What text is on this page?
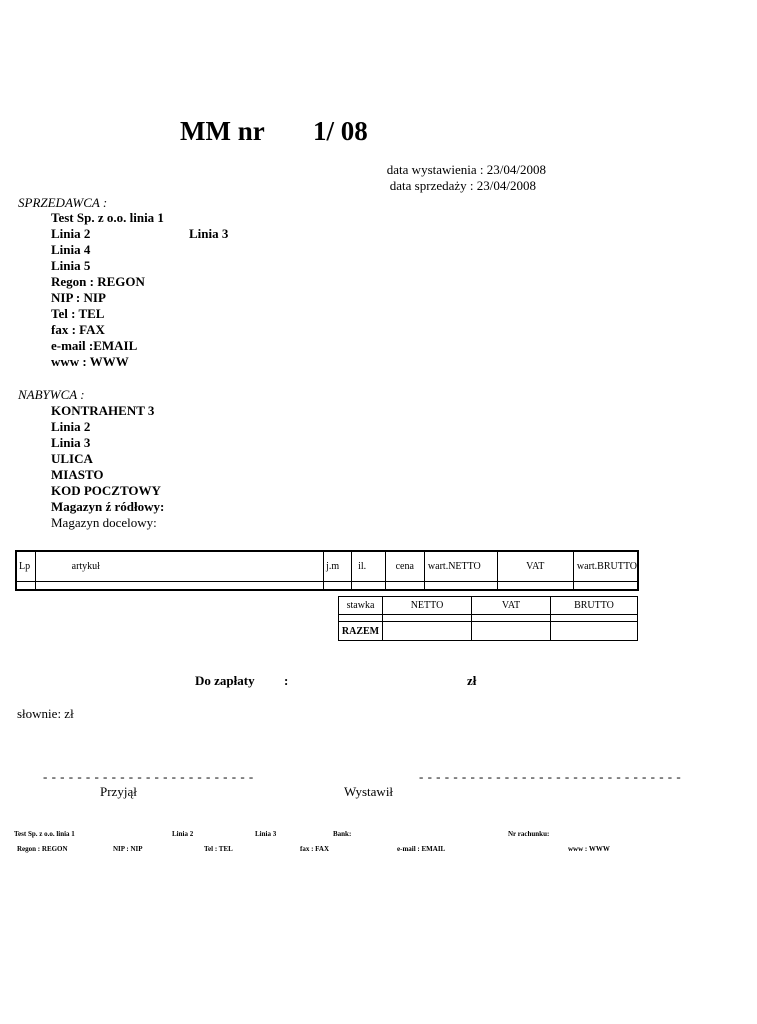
MM nr 1/ 08
data wystawienia : 23/04/2008
data sprzedaży : 23/04/2008
SPRZEDAWCA :
Test Sp. z o.o. linia 1
Linia 2	Linia 3
Linia 4
Linia 5
Regon : REGON
NIP : NIP
Tel : TEL
fax : FAX
e-mail :EMAIL
www : WWW
NABYWCA :
KONTRAHENT 3
Linia 2
Linia 3
ULICA
MIASTO
KOD POCZTOWY
Magazyn ź ródłowy:
Magazyn docelowy:
Lp	artykuł	j.m	il.	cena	wart.NETTO	VAT	wart.BRUTTO

stawka	NETTO	VAT	BRUTTO

RAZEM			
Do zapłaty :	zł
słownie: zł
- - - - - - - - - - - - - - - - - - - - - - - - -	- - - - - - - - - - - - - - - - - - - - - - - - - - - - - - -
Przyjął	Wystawił
Test Sp. z o.o. linia 1	Linia 2	Linia 3	Bank:	Nr rachunku:
Regon : REGON	NIP : NIP	Tel : TEL	fax : FAX	e-mail : EMAIL	www : WWW
